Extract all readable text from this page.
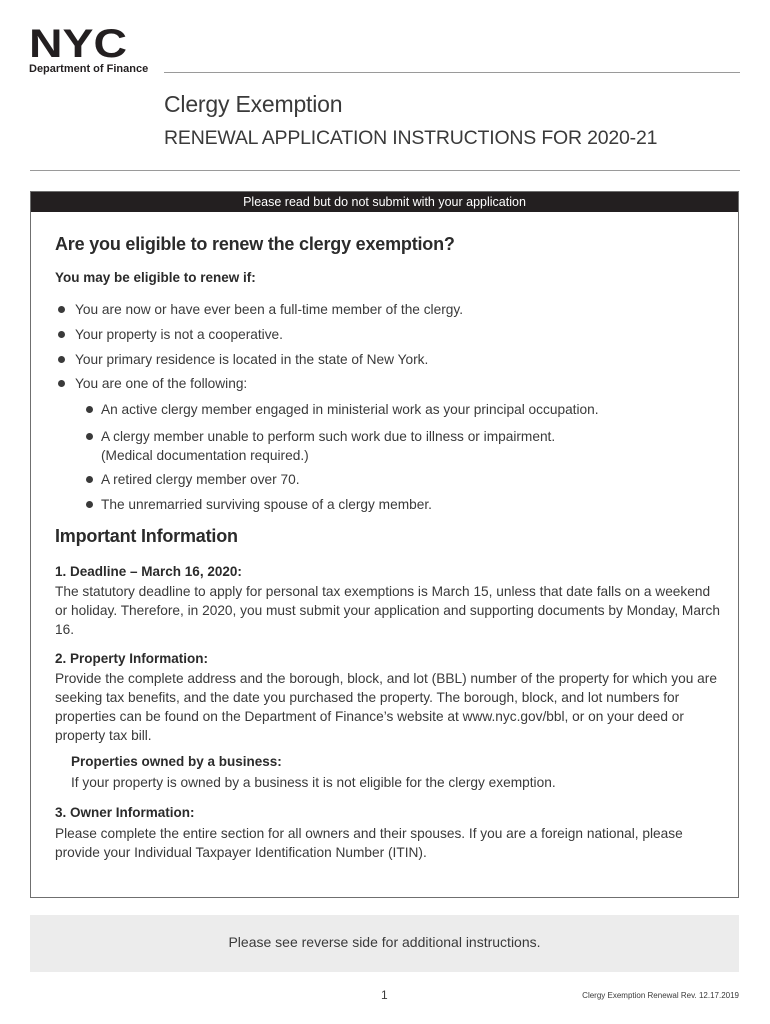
NYC
Department of Finance
Clergy Exemption
RENEWAL APPLICATION INSTRUCTIONS FOR 2020-21
Please read but do not submit with your application
Are you eligible to renew the clergy exemption?
You may be eligible to renew if:
You are now or have ever been a full-time member of the clergy.
Your property is not a cooperative.
Your primary residence is located in the state of New York.
You are one of the following:
An active clergy member engaged in ministerial work as your principal occupation.
A clergy member unable to perform such work due to illness or impairment.
(Medical documentation required.)
A retired clergy member over 70.
The unremarried surviving spouse of a clergy member.
Important Information
1. Deadline – March 16, 2020:
The statutory deadline to apply for personal tax exemptions is March 15, unless that date falls on a weekend or holiday. Therefore, in 2020, you must submit your application and supporting documents by Monday, March 16.
2. Property Information:
Provide the complete address and the borough, block, and lot (BBL) number of the property for which you are seeking tax benefits, and the date you purchased the property. The borough, block, and lot numbers for properties can be found on the Department of Finance’s website at www.nyc.gov/bbl, or on your deed or property tax bill.
Properties owned by a business:
If your property is owned by a business it is not eligible for the clergy exemption.
3. Owner Information:
Please complete the entire section for all owners and their spouses. If you are a foreign national, please provide your Individual Taxpayer Identification Number (ITIN).
Please see reverse side for additional instructions.
1	Clergy Exemption Renewal Rev. 12.17.2019
